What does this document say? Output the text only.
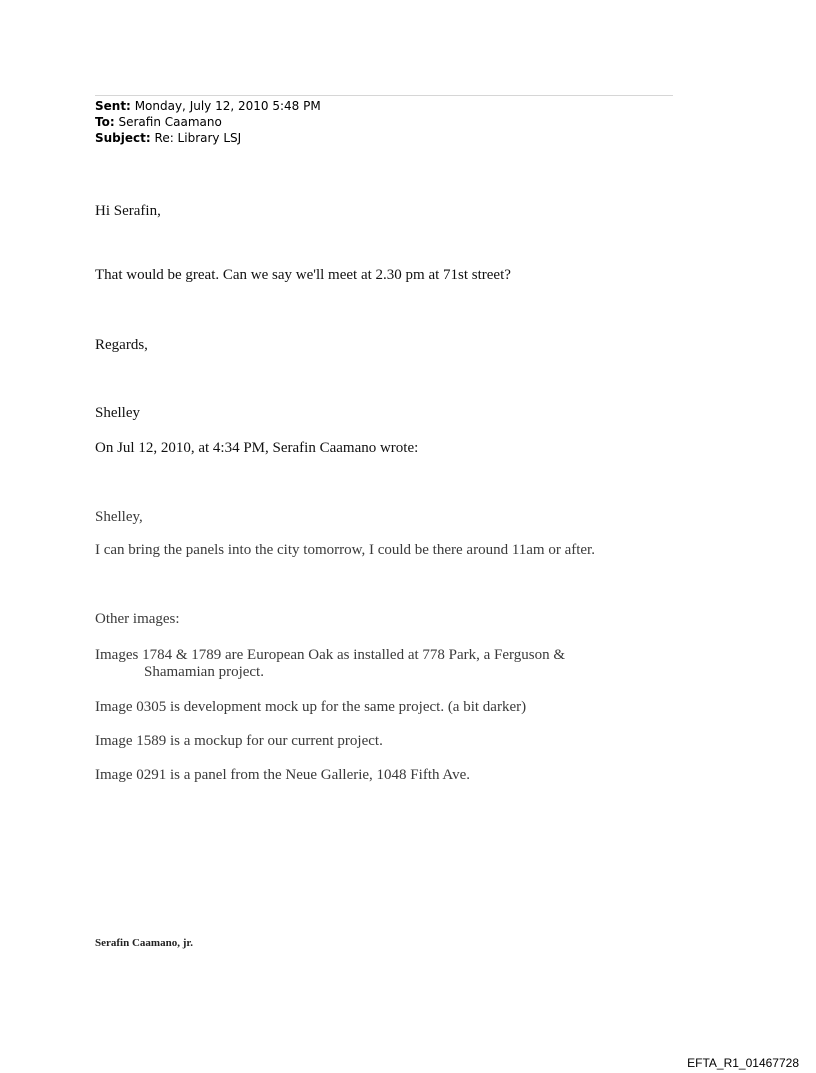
Sent: Monday, July 12, 2010 5:48 PM
To: Serafin Caamano
Subject: Re: Library LSJ
Hi Serafin,
That would be great. Can we say we'll meet at 2.30 pm at 71st street?
Regards,
Shelley
On Jul 12, 2010, at 4:34 PM, Serafin Caamano wrote:
Shelley,
I can bring the panels into the city tomorrow, I could be there around 11am or after.
Other images:
Images 1784 & 1789 are European Oak as installed at 778 Park, a Ferguson &
Shamamian project.
Image 0305 is development mock up for the same project. (a bit darker)
Image 1589 is a mockup for our current project.
Image 0291 is a panel from the Neue Gallerie, 1048 Fifth Ave.
Serafin Caamano, jr.
EFTA_R1_01467728
